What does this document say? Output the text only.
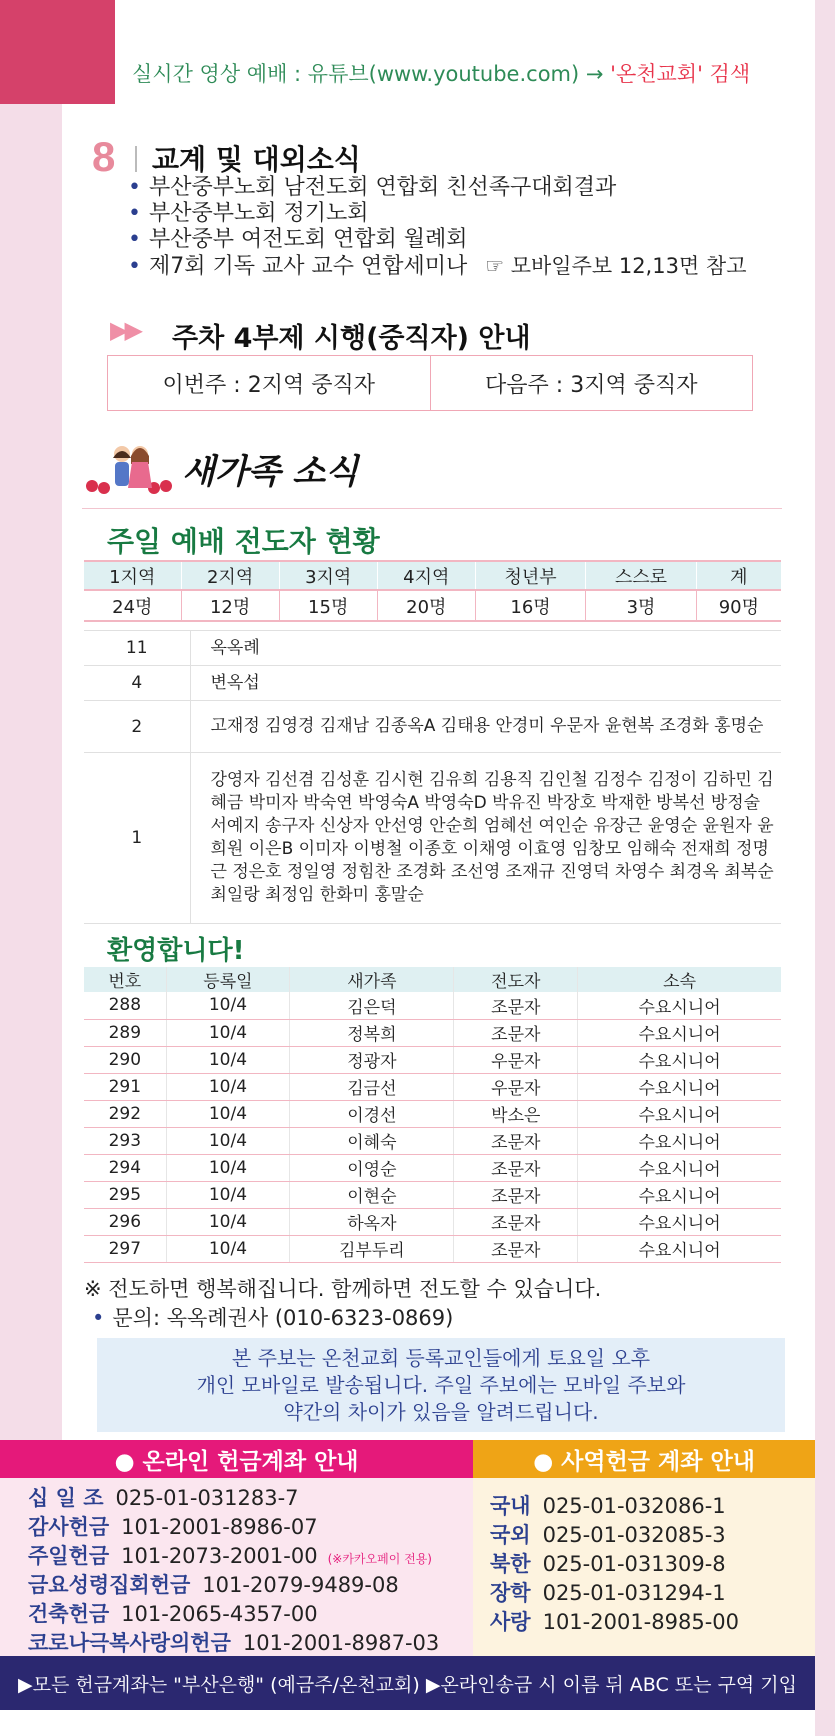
실시간 영상 예배 : 유튜브(www.youtube.com) → '온천교회' 검색
8 교계 및 대외소식
• 부산중부노회 남전도회 연합회 친선족구대회결과
• 부산중부노회 정기노회
• 부산중부 여전도회 연합회 월례회
• 제7회 기독 교사 교수 연합세미나 ☞ 모바일주보 12,13면 참고
▶▶ 주차 4부제 시행(중직자) 안내
이번주 : 2지역 중직자	다음주 : 3지역 중직자
새가족 소식
주일 예배 전도자 현황
1지역	2지역	3지역	4지역	청년부	스스로	계
24명	12명	15명	20명	16명	3명	90명
11	옥옥례
4	변옥섭
2	고재정 김영경 김재남 김종옥A 김태용 안경미 우문자 윤현복 조경화 홍명순
1	강영자 김선겸 김성훈 김시현 김유희 김용직 김인철 김정수 김정이 김하민 김혜금 박미자 박숙연 박영숙A 박영숙D 박유진 박장호 박재한 방복선 방정술 서예지 송구자 신상자 안선영 안순희 엄혜선 여인순 유장근 윤영순 윤원자 윤희원 이은B 이미자 이병철 이종호 이채영 이효영 임창모 임해숙 전재희 정명근 정은호 정일영 정힘찬 조경화 조선영 조재규 진영덕 차영수 최경옥 최복순 최일랑 최정임 한화미 홍말순
환영합니다!
번호	등록일	새가족	전도자	소속
288	10/4	김은덕	조문자	수요시니어
289	10/4	정복희	조문자	수요시니어
290	10/4	정광자	우문자	수요시니어
291	10/4	김금선	우문자	수요시니어
292	10/4	이경선	박소은	수요시니어
293	10/4	이혜숙	조문자	수요시니어
294	10/4	이영순	조문자	수요시니어
295	10/4	이현순	조문자	수요시니어
296	10/4	하옥자	조문자	수요시니어
297	10/4	김부두리	조문자	수요시니어
※ 전도하면 행복해집니다. 함께하면 전도할 수 있습니다.
• 문의: 옥옥례권사 (010-6323-0869)
본 주보는 온천교회 등록교인들에게 토요일 오후
개인 모바일로 발송됩니다. 주일 주보에는 모바일 주보와
약간의 차이가 있음을 알려드립니다.
● 온라인 헌금계좌 안내	● 사역헌금 계좌 안내
십 일 조 025-01-031283-7
감사헌금 101-2001-8986-07
주일헌금 101-2073-2001-00 (※카카오페이 전용)
금요성령집회헌금 101-2079-9489-08
건축헌금 101-2065-4357-00
코로나극복사랑의헌금 101-2001-8987-03
국내 025-01-032086-1
국외 025-01-032085-3
북한 025-01-031309-8
장학 025-01-031294-1
사랑 101-2001-8985-00
▶모든 헌금계좌는 "부산은행" (예금주/온천교회) ▶온라인송금 시 이름 뒤 ABC 또는 구역 기입
